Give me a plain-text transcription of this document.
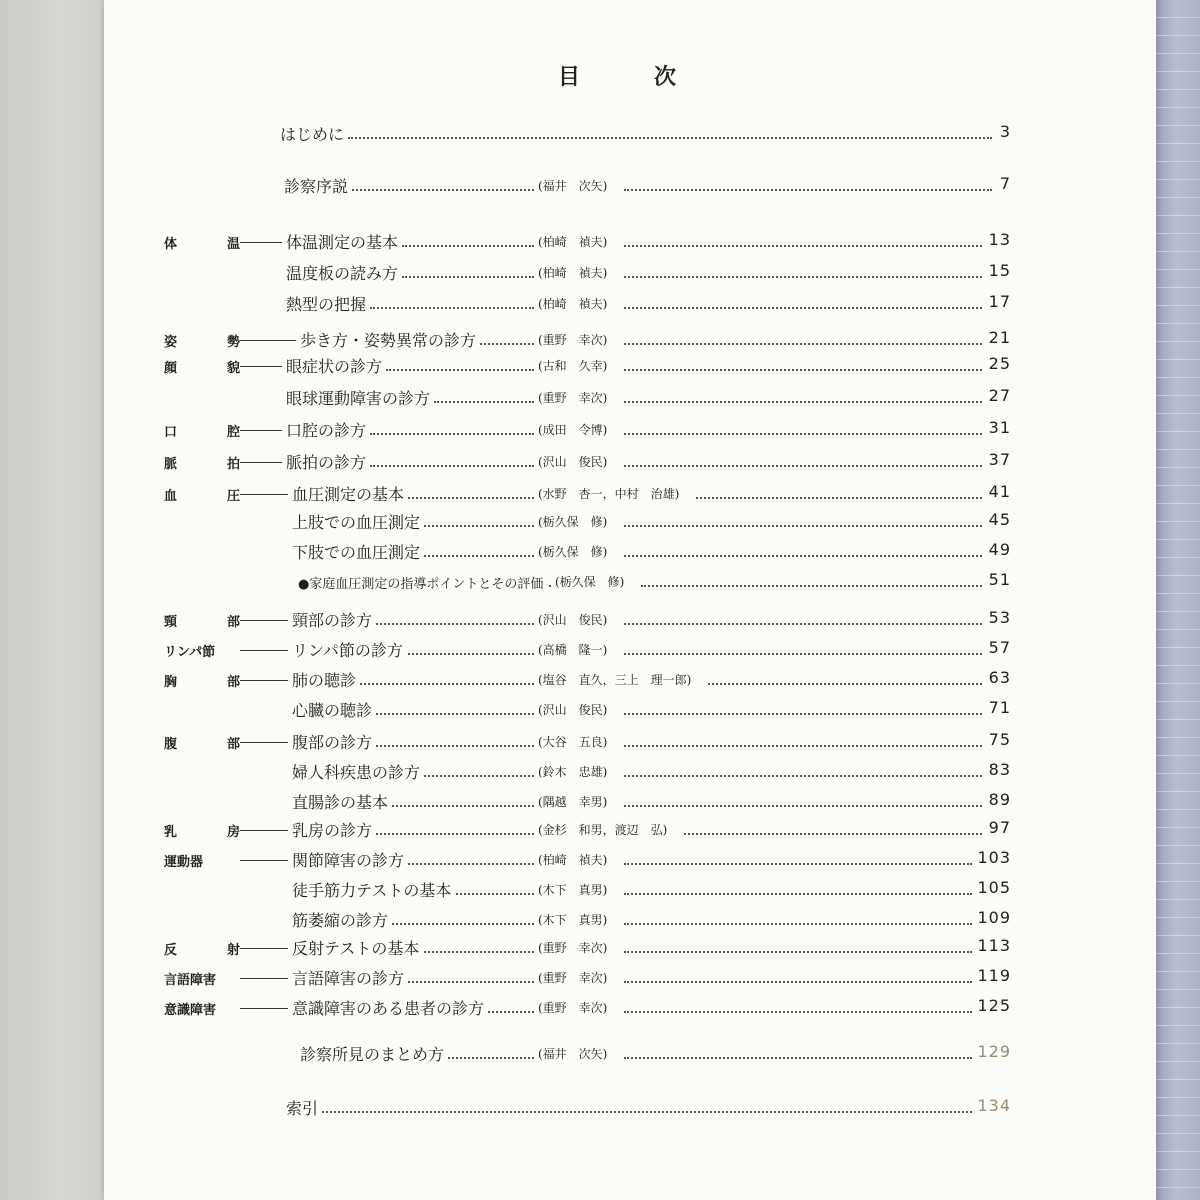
目　次
はじめに	3
診察序説	(福井　次矢)	7
体	温	体温測定の基本	(柏崎　禎夫)	13
温度板の読み方	(柏崎　禎夫)	15
熱型の把握	(柏崎　禎夫)	17
姿	勢	歩き方・姿勢異常の診方	(重野　幸次)	21
顔	貌	眼症状の診方	(古和　久幸)	25
眼球運動障害の診方	(重野　幸次)	27
口	腔	口腔の診方	(成田　令博)	31
脈	拍	脈拍の診方	(沢山　俊民)	37
血	圧	血圧測定の基本	(水野　杏一，中村　治雄)	41
上肢での血圧測定	(栃久保　修)	45
下肢での血圧測定	(栃久保　修)	49
●家庭血圧測定の指導ポイントとその評価 (栃久保　修)	51
頸	部	頸部の診方	(沢山　俊民)	53
リンパ節	リンパ節の診方	(高橋　隆一)	57
胸	部	肺の聴診	(塩谷　直久，三上　理一郎)	63
心臓の聴診	(沢山　俊民)	71
腹	部	腹部の診方	(大谷　五良)	75
婦人科疾患の診方	(鈴木　忠雄)	83
直腸診の基本	(隅越　幸男)	89
乳	房	乳房の診方	(金杉　和男，渡辺　弘)	97
運動器	関節障害の診方	(柏崎　禎夫)	103
徒手筋力テストの基本	(木下　真男)	105
筋萎縮の診方	(木下　真男)	109
反	射	反射テストの基本	(重野　幸次)	113
言語障害	言語障害の診方	(重野　幸次)	119
意識障害	意識障害のある患者の診方	(重野　幸次)	125
診察所見のまとめ方	(福井　次矢)	129
索引	134
